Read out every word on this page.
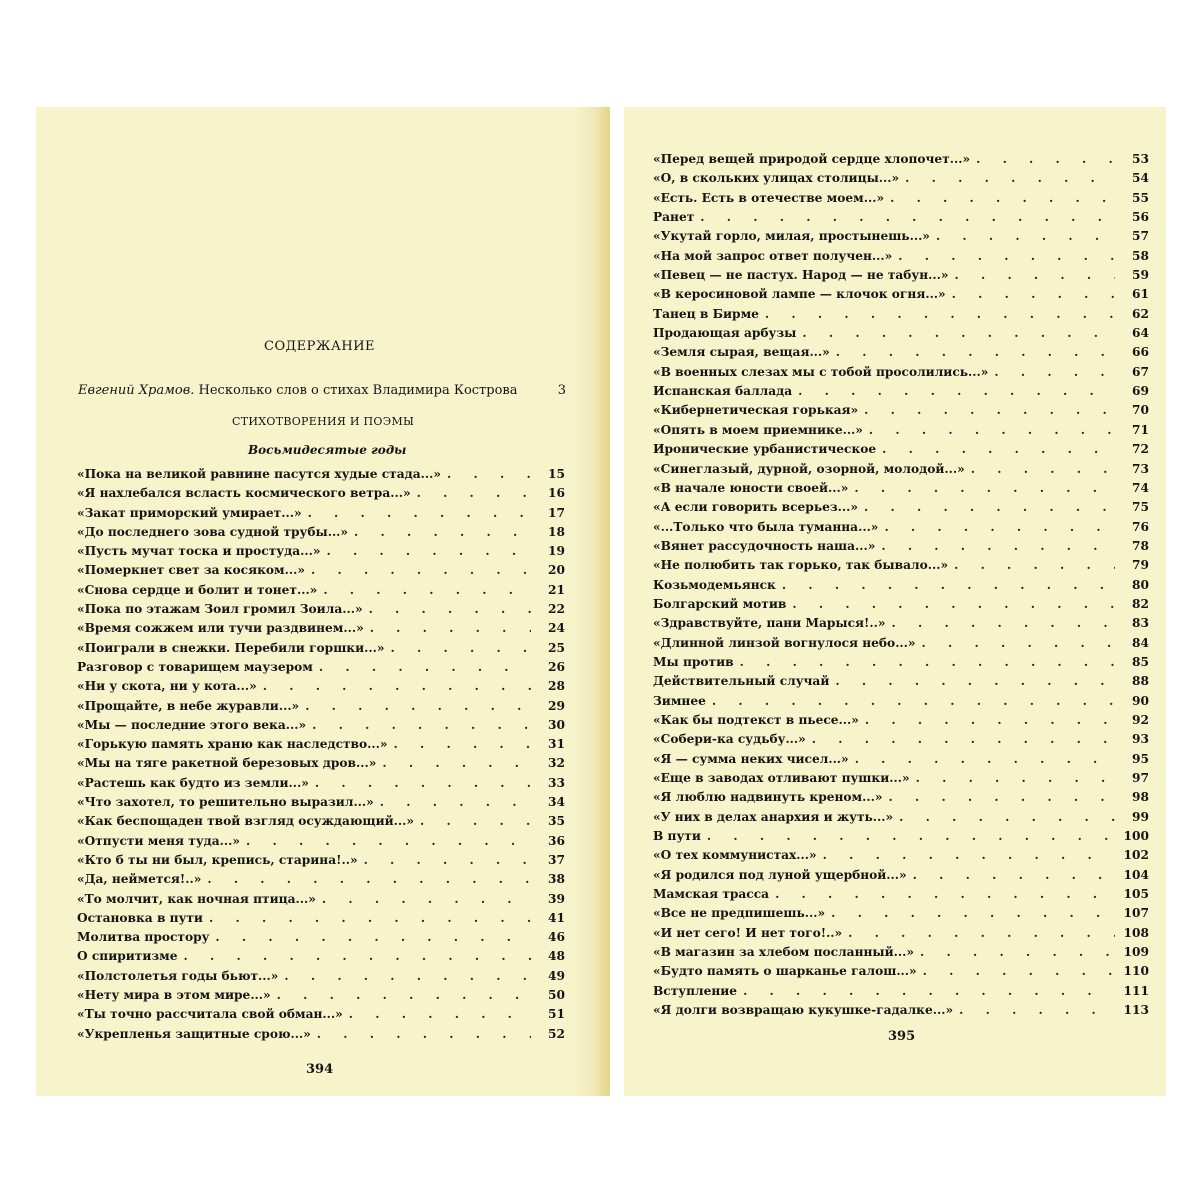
СОДЕРЖАНИЕ
Евгений Храмов. Несколько слов о стихах Владимира Кострова	3
СТИХОТВОРЕНИЯ И ПОЭМЫ
Восьмидесятые годы
«Пока на великой равнине пасутся худые стада...» . . .	15
«Я нахлебался всласть космического ветра...» . . .	16
«Закат приморский умирает...» . . .	17
«До последнего зова судной трубы...» . . .	18
«Пусть мучат тоска и простуда...» . . .	19
«Померкнет свет за косяком...» . . .	20
«Снова сердце и болит и тонет...» . . .	21
«Пока по этажам Зоил громил Зоила...» . . .	22
«Время сожжем или тучи раздвинем...» . . .	24
«Поиграли в снежки. Перебили горшки...» . . .	25
Разговор с товарищем маузером . . .	26
«Ни у скота, ни у кота...» . . .	28
«Прощайте, в небе журавли...» . . .	29
«Мы — последние этого века...» . . .	30
«Горькую память храню как наследство...» . . .	31
«Мы на тяге ракетной березовых дров...» . . .	32
«Растешь как будто из земли...» . . .	33
«Что захотел, то решительно выразил...» . . .	34
«Как беспощаден твой взгляд осуждающий...» . . .	35
«Отпусти меня туда...» . . .	36
«Кто б ты ни был, крепись, старина!..» . . .	37
«Да, неймется!..» . . .	38
«То молчит, как ночная птица...» . . .	39
Остановка в пути . . .	41
Молитва простору . . .	46
О спиритизме . . .	48
«Полстолетья годы бьют...» . . .	49
«Нету мира в этом мире...» . . .	50
«Ты точно рассчитала свой обман...» . . .	51
«Укрепленья защитные срою...» . . .	52
394
«Перед вещей природой сердце хлопочет...» . . .	53
«О, в скольких улицах столицы...» . . .	54
«Есть. Есть в отечестве моем...» . . .	55
Ранет . . .	56
«Укутай горло, милая, простынешь...» . . .	57
«На мой запрос ответ получен...» . . .	58
«Певец — не пастух. Народ — не табун...» . . .	59
«В керосиновой лампе — клочок огня...» . . .	61
Танец в Бирме . . .	62
Продающая арбузы . . .	64
«Земля сырая, вещая...» . . .	66
«В военных слезах мы с тобой просолились...» . . .	67
Испанская баллада . . .	69
«Кибернетическая горькая» . . .	70
«Опять в моем приемнике...» . . .	71
Иронические урбанистическое . . .	72
«Синеглазый, дурной, озорной, молодой...» . . .	73
«В начале юности своей...» . . .	74
«А если говорить всерьез...» . . .	75
«...Только что была туманна...» . . .	76
«Вянет рассудочность наша...» . . .	78
«Не полюбить так горько, так бывало...» . . .	79
Козьмодемьянск . . .	80
Болгарский мотив . . .	82
«Здравствуйте, пани Марыся!..» . . .	83
«Длинной линзой вогнулося небо...» . . .	84
Мы против . . .	85
Действительный случай . . .	88
Зимнее . . .	90
«Как бы подтекст в пьесе...» . . .	92
«Собери-ка судьбу...» . . .	93
«Я — сумма неких чисел...» . . .	95
«Еще в заводах отливают пушки...» . . .	97
«Я люблю надвинуть креном...» . . .	98
«У них в делах анархия и жуть...» . . .	99
В пути . . .	100
«О тех коммунистах...» . . .	102
«Я родился под луной ущербной...» . . .	104
Мамская трасса . . .	105
«Все не предпишешь...» . . .	107
«И нет сего! И нет того!..» . . .	108
«В магазин за хлебом посланный...» . . .	109
«Будто память о шарканье галош...» . . .	110
Вступление . . .	111
«Я долги возвращаю кукушке-гадалке...» . . .	113
395
